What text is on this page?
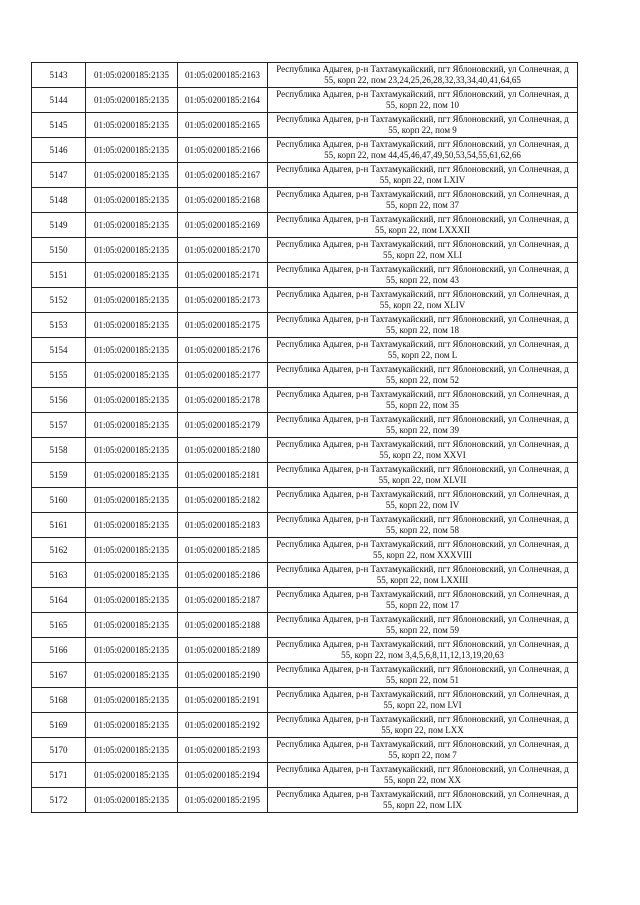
5143	01:05:0200185:2135	01:05:0200185:2163	Республика Адыгея, р-н Тахтамукайский, пгт Яблоновский, ул Солнечная, д 55, корп 22, пом 23,24,25,26,28,32,33,34,40,41,64,65
5144	01:05:0200185:2135	01:05:0200185:2164	Республика Адыгея, р-н Тахтамукайский, пгт Яблоновский, ул Солнечная, д 55, корп 22, пом 10
5145	01:05:0200185:2135	01:05:0200185:2165	Республика Адыгея, р-н Тахтамукайский, пгт Яблоновский, ул Солнечная, д 55, корп 22, пом 9
5146	01:05:0200185:2135	01:05:0200185:2166	Республика Адыгея, р-н Тахтамукайский, пгт Яблоновский, ул Солнечная, д 55, корп 22, пом 44,45,46,47,49,50,53,54,55,61,62,66
5147	01:05:0200185:2135	01:05:0200185:2167	Республика Адыгея, р-н Тахтамукайский, пгт Яблоновский, ул Солнечная, д 55, корп 22, пом LXIV
5148	01:05:0200185:2135	01:05:0200185:2168	Республика Адыгея, р-н Тахтамукайский, пгт Яблоновский, ул Солнечная, д 55, корп 22, пом 37
5149	01:05:0200185:2135	01:05:0200185:2169	Республика Адыгея, р-н Тахтамукайский, пгт Яблоновский, ул Солнечная, д 55, корп 22, пом LXXXII
5150	01:05:0200185:2135	01:05:0200185:2170	Республика Адыгея, р-н Тахтамукайский, пгт Яблоновский, ул Солнечная, д 55, корп 22, пом XLI
5151	01:05:0200185:2135	01:05:0200185:2171	Республика Адыгея, р-н Тахтамукайский, пгт Яблоновский, ул Солнечная, д 55, корп 22, пом 43
5152	01:05:0200185:2135	01:05:0200185:2173	Республика Адыгея, р-н Тахтамукайский, пгт Яблоновский, ул Солнечная, д 55, корп 22, пом XLIV
5153	01:05:0200185:2135	01:05:0200185:2175	Республика Адыгея, р-н Тахтамукайский, пгт Яблоновский, ул Солнечная, д 55, корп 22, пом 18
5154	01:05:0200185:2135	01:05:0200185:2176	Республика Адыгея, р-н Тахтамукайский, пгт Яблоновский, ул Солнечная, д 55, корп 22, пом L
5155	01:05:0200185:2135	01:05:0200185:2177	Республика Адыгея, р-н Тахтамукайский, пгт Яблоновский, ул Солнечная, д 55, корп 22, пом 52
5156	01:05:0200185:2135	01:05:0200185:2178	Республика Адыгея, р-н Тахтамукайский, пгт Яблоновский, ул Солнечная, д 55, корп 22, пом 35
5157	01:05:0200185:2135	01:05:0200185:2179	Республика Адыгея, р-н Тахтамукайский, пгт Яблоновский, ул Солнечная, д 55, корп 22, пом 39
5158	01:05:0200185:2135	01:05:0200185:2180	Республика Адыгея, р-н Тахтамукайский, пгт Яблоновский, ул Солнечная, д 55, корп 22, пом XXVI
5159	01:05:0200185:2135	01:05:0200185:2181	Республика Адыгея, р-н Тахтамукайский, пгт Яблоновский, ул Солнечная, д 55, корп 22, пом XLVII
5160	01:05:0200185:2135	01:05:0200185:2182	Республика Адыгея, р-н Тахтамукайский, пгт Яблоновский, ул Солнечная, д 55, корп 22, пом IV
5161	01:05:0200185:2135	01:05:0200185:2183	Республика Адыгея, р-н Тахтамукайский, пгт Яблоновский, ул Солнечная, д 55, корп 22, пом 58
5162	01:05:0200185:2135	01:05:0200185:2185	Республика Адыгея, р-н Тахтамукайский, пгт Яблоновский, ул Солнечная, д 55, корп 22, пом XXXVIII
5163	01:05:0200185:2135	01:05:0200185:2186	Республика Адыгея, р-н Тахтамукайский, пгт Яблоновский, ул Солнечная, д 55, корп 22, пом LXXIII
5164	01:05:0200185:2135	01:05:0200185:2187	Республика Адыгея, р-н Тахтамукайский, пгт Яблоновский, ул Солнечная, д 55, корп 22, пом 17
5165	01:05:0200185:2135	01:05:0200185:2188	Республика Адыгея, р-н Тахтамукайский, пгт Яблоновский, ул Солнечная, д 55, корп 22, пом 59
5166	01:05:0200185:2135	01:05:0200185:2189	Республика Адыгея, р-н Тахтамукайский, пгт Яблоновский, ул Солнечная, д 55, корп 22, пом 3,4,5,6,8,11,12,13,19,20,63
5167	01:05:0200185:2135	01:05:0200185:2190	Республика Адыгея, р-н Тахтамукайский, пгт Яблоновский, ул Солнечная, д 55, корп 22, пом 51
5168	01:05:0200185:2135	01:05:0200185:2191	Республика Адыгея, р-н Тахтамукайский, пгт Яблоновский, ул Солнечная, д 55, корп 22, пом LVI
5169	01:05:0200185:2135	01:05:0200185:2192	Республика Адыгея, р-н Тахтамукайский, пгт Яблоновский, ул Солнечная, д 55, корп 22, пом LXX
5170	01:05:0200185:2135	01:05:0200185:2193	Республика Адыгея, р-н Тахтамукайский, пгт Яблоновский, ул Солнечная, д 55, корп 22, пом 7
5171	01:05:0200185:2135	01:05:0200185:2194	Республика Адыгея, р-н Тахтамукайский, пгт Яблоновский, ул Солнечная, д 55, корп 22, пом XX
5172	01:05:0200185:2135	01:05:0200185:2195	Республика Адыгея, р-н Тахтамукайский, пгт Яблоновский, ул Солнечная, д 55, корп 22, пом LIX
